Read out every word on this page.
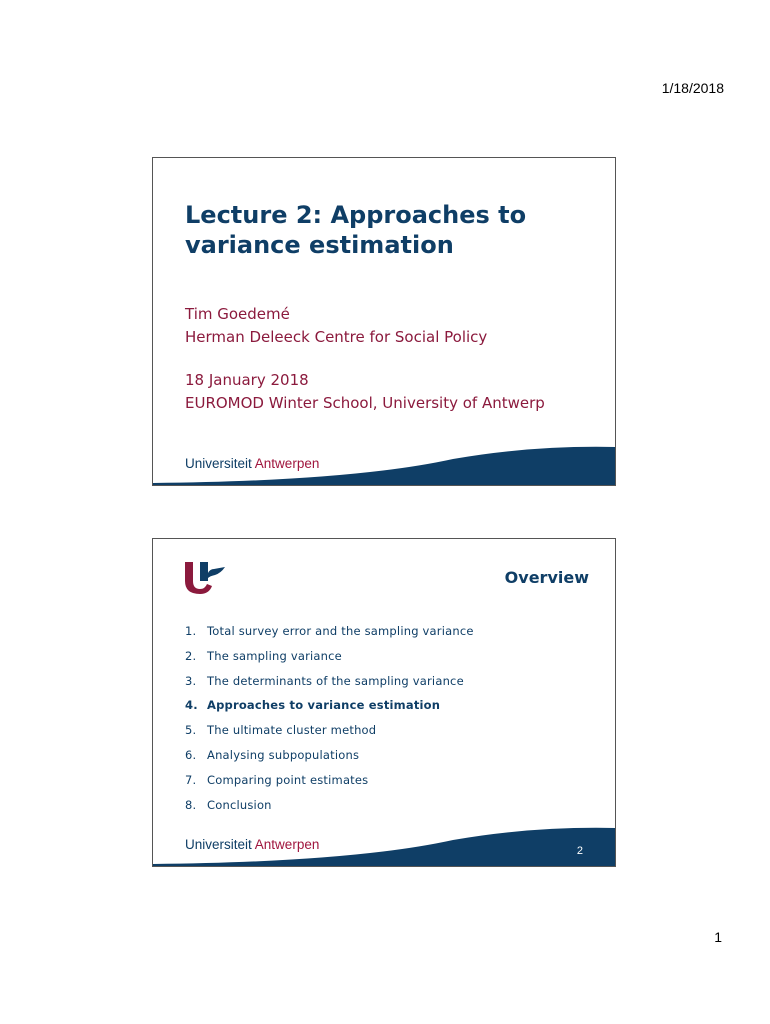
1/18/2018
Lecture 2: Approaches to
variance estimation
Tim Goedemé
Herman Deleeck Centre for Social Policy
18 January 2018
EUROMOD Winter School, University of Antwerp
Universiteit Antwerpen
Overview
1. Total survey error and the sampling variance
2. The sampling variance
3. The determinants of the sampling variance
4. Approaches to variance estimation
5. The ultimate cluster method
6. Analysing subpopulations
7. Comparing point estimates
8. Conclusion
Universiteit Antwerpen	2
1
